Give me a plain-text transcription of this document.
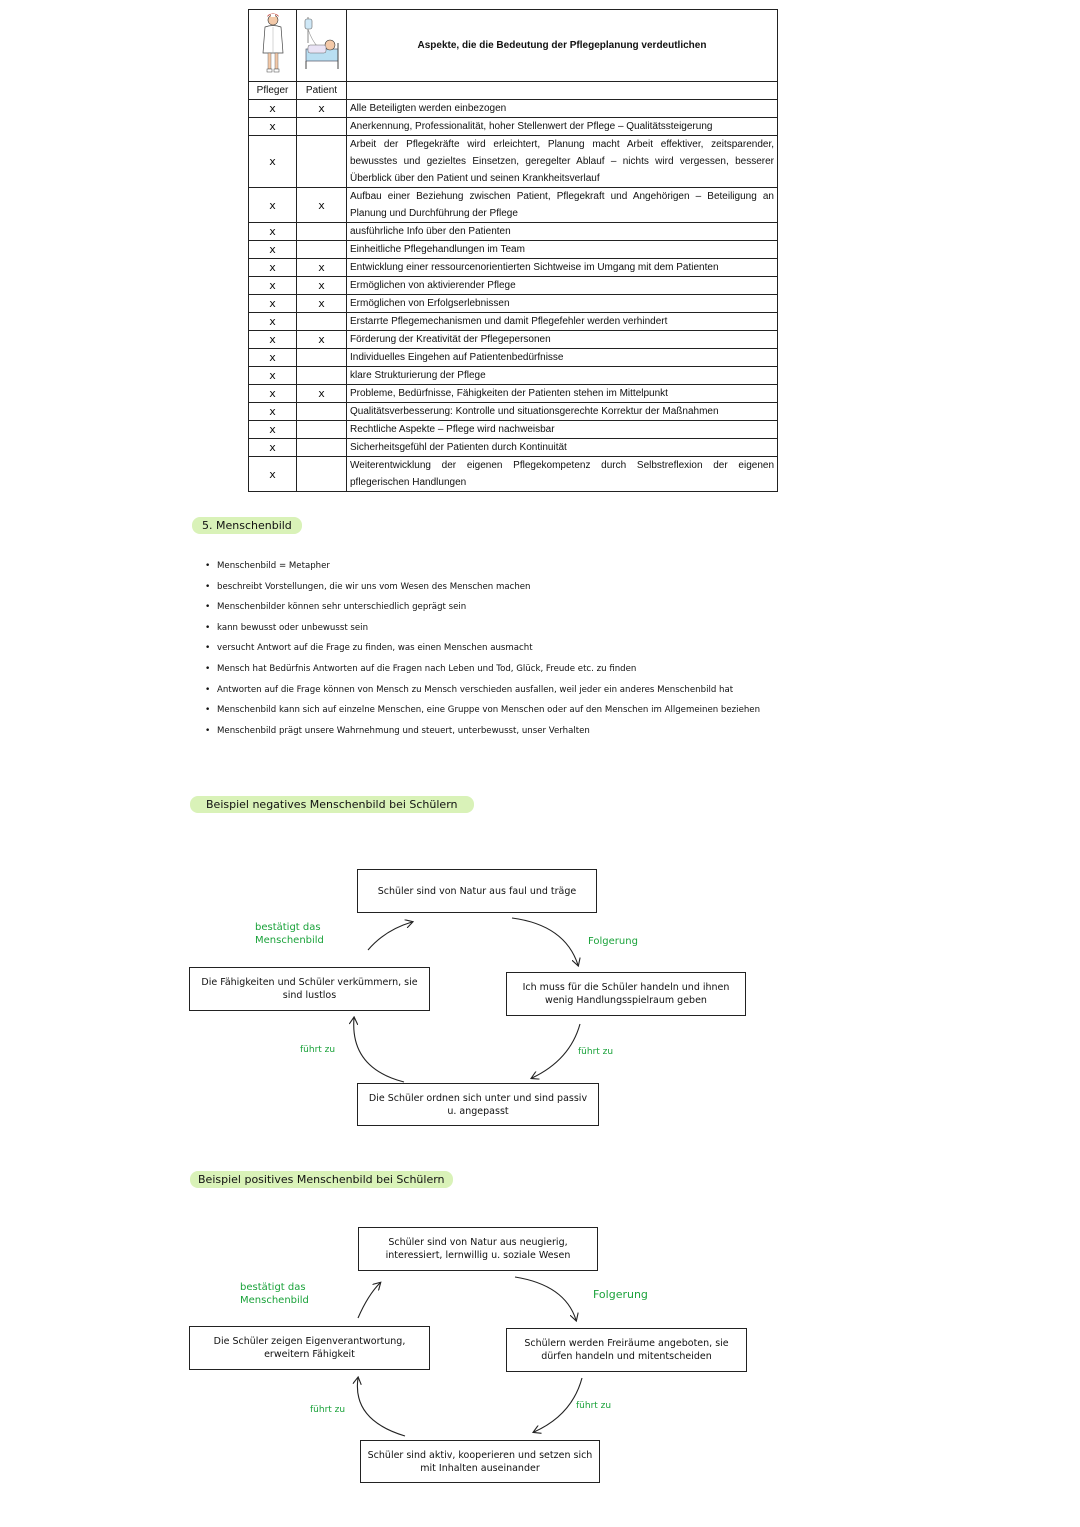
		Aspekte, die die Bedeutung der Pflegeplanung verdeutlichen
Pfleger	Patient	
x	x	Alle Beteiligten werden einbezogen
x		Anerkennung, Professionalität, hoher Stellenwert der Pflege – Qualitätssteigerung
x		Arbeit der Pflegekräfte wird erleichtert, Planung macht Arbeit effektiver, zeitsparender, bewusstes und gezieltes Einsetzen, geregelter Ablauf – nichts wird vergessen, besserer Überblick über den Patient und seinen Krankheitsverlauf
x	x	Aufbau einer Beziehung zwischen Patient, Pflegekraft und Angehörigen – Beteiligung an Planung und Durchführung der Pflege
x		ausführliche Info über den Patienten
x		Einheitliche Pflegehandlungen im Team
x	x	Entwicklung einer ressourcenorientierten Sichtweise im Umgang mit dem Patienten
x	x	Ermöglichen von aktivierender Pflege
x	x	Ermöglichen von Erfolgserlebnissen
x		Erstarrte Pflegemechanismen und damit Pflegefehler werden verhindert
x	x	Förderung der Kreativität der Pflegepersonen
x		Individuelles Eingehen auf Patientenbedürfnisse
x		klare Strukturierung der Pflege
x	x	Probleme, Bedürfnisse, Fähigkeiten der Patienten stehen im Mittelpunkt
x		Qualitätsverbesserung: Kontrolle und situationsgerechte Korrektur der Maßnahmen
x		Rechtliche Aspekte – Pflege wird nachweisbar
x		Sicherheitsgefühl der Patienten durch Kontinuität
x		Weiterentwicklung der eigenen Pflegekompetenz durch Selbstreflexion der eigenen pflegerischen Handlungen
5. Menschenbild
• Menschenbild = Metapher
• beschreibt Vorstellungen, die wir uns vom Wesen des Menschen machen
• Menschenbilder können sehr unterschiedlich geprägt sein
• kann bewusst oder unbewusst sein
• versucht Antwort auf die Frage zu finden, was einen Menschen ausmacht
• Mensch hat Bedürfnis Antworten auf die Fragen nach Leben und Tod, Glück, Freude etc. zu finden
• Antworten auf die Frage können von Mensch zu Mensch verschieden ausfallen, weil jeder ein anderes Menschenbild hat
• Menschenbild kann sich auf einzelne Menschen, eine Gruppe von Menschen oder auf den Menschen im Allgemeinen beziehen
• Menschenbild prägt unsere Wahrnehmung und steuert, unterbewusst, unser Verhalten
Beispiel negatives Menschenbild bei Schülern
Schüler sind von Natur aus faul und träge
Ich muss für die Schüler handeln und ihnen wenig Handlungsspielraum geben
Die Schüler ordnen sich unter und sind passiv u. angepasst
Die Fähigkeiten und Schüler verkümmern, sie sind lustlos
bestätigt das Menschenbild	Folgerung
führt zu
führt zu
Beispiel positives Menschenbild bei Schülern
Schüler sind von Natur aus neugierig, interessiert, lernwillig u. soziale Wesen
Schülern werden Freiräume angeboten, sie dürfen handeln und mitentscheiden
Schüler sind aktiv, kooperieren und setzen sich mit Inhalten auseinander
Die Schüler zeigen Eigenverantwortung, erweitern Fähigkeit
bestätigt das Menschenbild	Folgerung
führt zu
führt zu
